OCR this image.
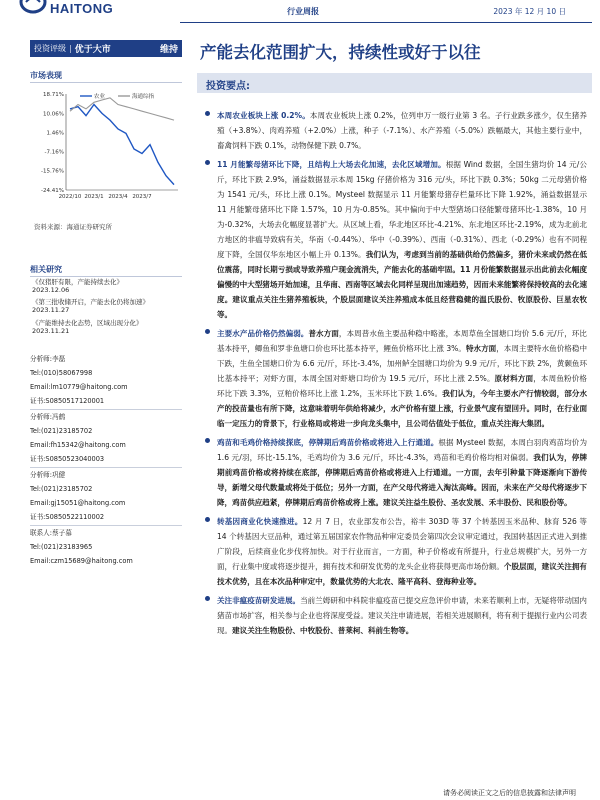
HAITONG	行业周报	2023 年 12 月 10 日
投资评级 | 优于大市	维持 产能去化范围扩大，持续性或好于以往
市场表现
18.71%
10.06%
1.46%
-7.16%
-15.76%
-24.41%
2022/10 2023/1 2023/4 2023/7
农业	海通综指
资料来源：海通证券研究所
相关研究
《仅猪肝有限，产能持续去化》
2023.12.06
《第三批收储开启，产能去化仍将加速》
2023.11.27
《产能维持去化态势，区域出现分化》
2023.11.21
分析师:李磊
Tel:(010)58067998
Email:lm10779@haitong.com
证书:S0850517120001
分析师:冯鹤
Tel:(021)23185702
Email:fh15342@haitong.com
证书:S0850523040003
分析师:巩健
Tel:(021)23185702
Email:gj15051@haitong.com
证书:S0850522110002
联系人:蔡子慕
Tel:(021)23183965
Email:czm15689@haitong.com
投资要点:
本周农业板块上涨 0.2%。本周农业板块上涨 0.2%，位列申万一级行业第 3 名。子行业跌多涨少，仅生猪养殖（+3.8%）、肉鸡养殖（+2.0%）上涨，种子（-7.1%）、水产养殖（-5.0%）跌幅最大，其他主要行业中，畜禽饲料下跌 0.1%，动物保健下跌 0.7%。
11 月能繁母猪环比下降，且结构上大场去化加速，去化区域增加。根据 Wind 数据，全国生猪均价 14 元/公斤，环比下跌 2.9%，涌益数据显示本周 15kg 仔猪价格为 316 元/头，环比下跌 0.3%；50kg 二元母猪价格为 1541 元/头，环比上涨 0.1%。Mysteel 数据显示 11 月能繁母猪存栏量环比下降 1.92%，涌益数据显示 11 月能繁母猪环比下降 1.57%，10 月为-0.85%。其中偏向于中大型猪场口径能繁母猪环比-1.38%，10 月为-0.32%，大场去化幅度显著扩大。从区域上看，华北地区环比-4.21%、东北地区环比-2.19%，成为北前北方地区的非瘟导致病有关，华南（-0.44%）、华中（-0.39%）、西南（-0.31%）、西北（-0.29%）也有不同程度下降，全国仅华东地区小幅上升 0.13%。我们认为，考虑到当前的基础供给仍然偏多，猪价未来或仍然在低位震荡，同时长期亏损或导致养殖户现金流消失，产能去化的基础牢固。11 月份能繁数据显示出此前去化幅度偏慢的中大型猪场开始加速，且华南、西南等区域去化同样呈现出加速趋势，因而未来能繁将保持较高的去化速度。建议重点关注生猪养殖板块，个股层面建议关注养殖成本低且经营稳健的温氏股份、牧原股份、巨星农牧等。
主要水产品价格仍然偏弱。普水方面，本周普水鱼主要品种稳中略涨，本周草鱼全国塘口均价 5.6 元/斤，环比基本持平，鲫鱼和罗非鱼塘口价也环比基本持平，鲤鱼价格环比上涨 3%。特水方面，本周主要特水鱼价格稳中下跌，生鱼全国塘口价为 6.6 元/斤，环比-3.4%，加州鲈全国塘口均价为 9.9 元/斤，环比下跌 2%，黄颡鱼环比基本持平；对虾方面，本周全国对虾塘口均价为 19.5 元/斤，环比上涨 2.5%。原材料方面，本周鱼粉价格环比下跌 3.3%，豆粕价格环比上涨 1.2%，玉米环比下跌 1.6%。我们认为，今年主要水产行情较弱，部分水产的投苗量也有所下降，这意味着明年供给将减少，水产价格有望上涨，行业景气度有望回升。同时，在行业面临一定压力的背景下，行业格局或将进一步向龙头集中，且公司估值处于低位，重点关注海大集团。
鸡苗和毛鸡价格持续探底，停牌期后鸡苗价格或将进入上行通道。根据 Mysteel 数据，本周白羽肉鸡苗均价为 1.6 元/羽，环比-15.1%，毛鸡均价为 3.6 元/斤，环比-4.3%，鸡苗和毛鸡价格均相对偏弱。我们认为，停牌期前鸡苗价格或将持续在底部，停牌期后鸡苗价格或将进入上行通道。一方面，去年引种量下降逐渐向下游传导，新增父母代数量或将处于低位；另外一方面，在产父母代将进入淘汰高峰。因而，未来在产父母代将逐步下降，鸡苗供应趋紧，停牌期后鸡苗价格或将上涨。建议关注益生股份、圣农发展、禾丰股份、民和股份等。
转基因商业化快速推进。12 月 7 日，农业部发布公告，裕丰 303D 等 37 个转基因玉米品种、脉育 526 等 14 个转基因大豆品种，通过第五届国家农作物品种审定委员会第四次会议审定通过，我国转基因正式进入到推广阶段，后续商业化步伐将加快。对于行业而言，一方面，种子价格或有所提升，行业总规模扩大，另外一方面，行业集中度或将逐步提升，拥有技术和研发优势的龙头企业将获得更高市场份额。个股层面，建议关注拥有技术优势，且在本次品种审定中，数量优势的大北农、隆平高科、登海种业等。
关注非瘟疫苗研发进展。当前兰姆研和中科院非瘟疫苗已提交应急评价申请，未来若顺利上市，无疑将带动国内猪苗市场扩容，相关参与企业也将深度受益。建议关注申请进展，若相关进展顺利，将有利于提振行业内公司表现。建议关注生物股份、中牧股份、普莱柯、科前生物等。
请务必阅读正文之后的信息披露和法律声明
